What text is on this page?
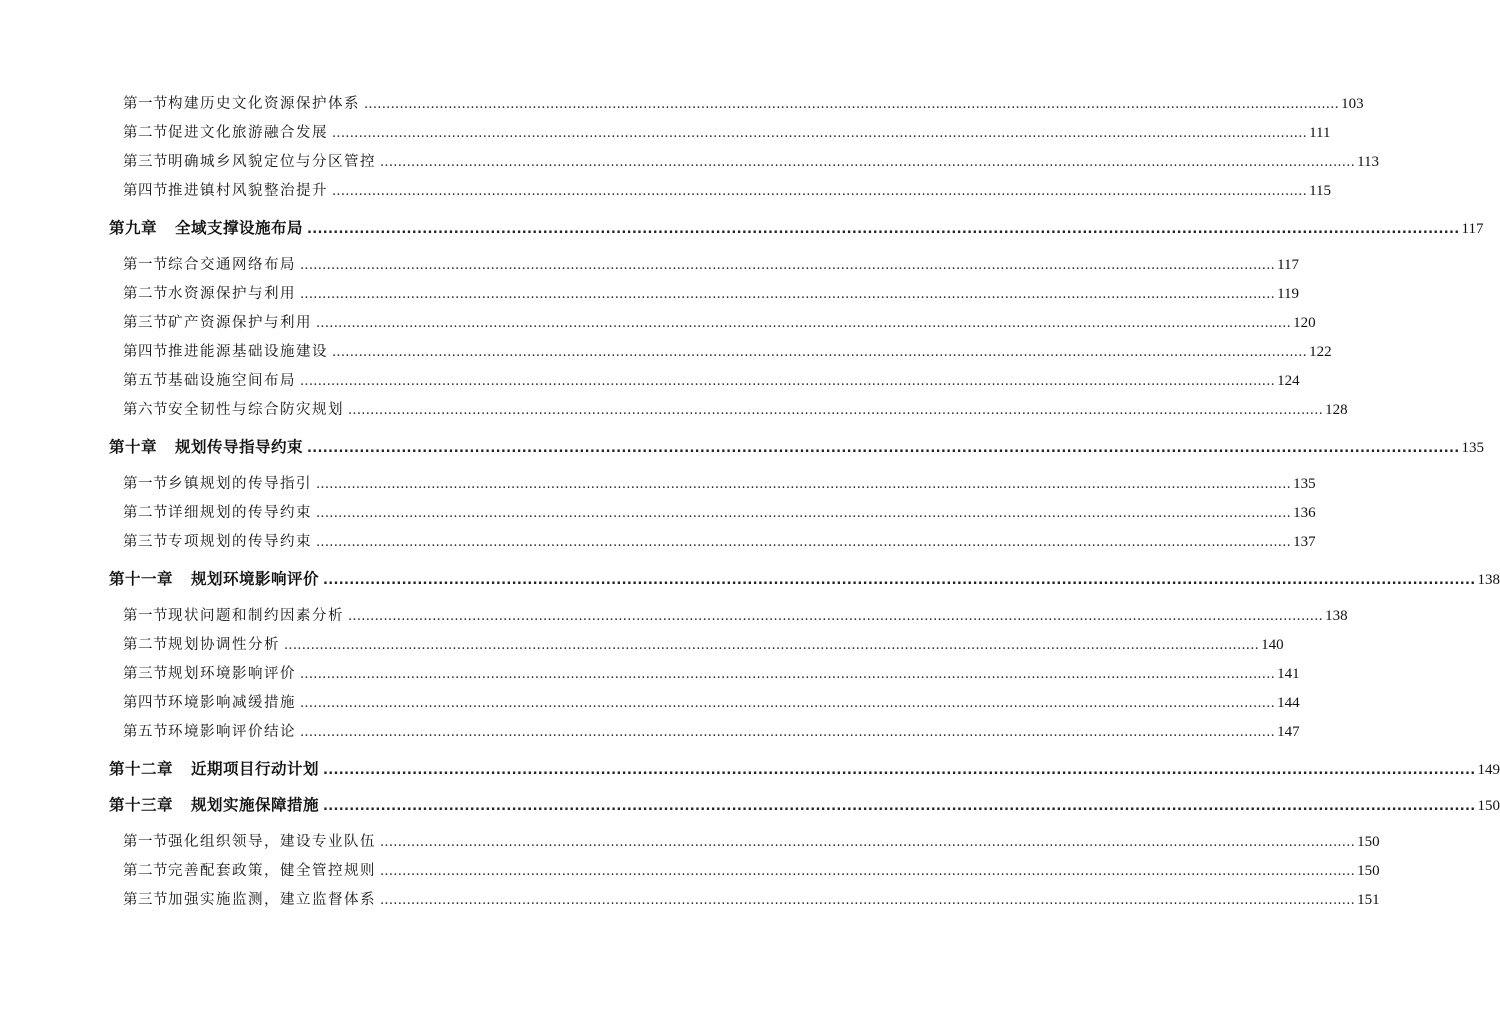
第一节 构建历史文化资源保护体系 ............................................................................................................................................................................................................................ 103
第二节 促进文化旅游融合发展 ............................................................................................................................................................................................................................ 111
第三节 明确城乡风貌定位与分区管控 ............................................................................................................................................................................................................................ 113
第四节 推进镇村风貌整治提升 ............................................................................................................................................................................................................................ 115
第九章 全域支撑设施布局 ............................................................................................................................................................................................................................ 117
第一节 综合交通网络布局 ............................................................................................................................................................................................................................ 117
第二节 水资源保护与利用 ............................................................................................................................................................................................................................ 119
第三节 矿产资源保护与利用 ............................................................................................................................................................................................................................ 120
第四节 推进能源基础设施建设 ............................................................................................................................................................................................................................ 122
第五节 基础设施空间布局 ............................................................................................................................................................................................................................ 124
第六节 安全韧性与综合防灾规划 ............................................................................................................................................................................................................................ 128
第十章 规划传导指导约束 ............................................................................................................................................................................................................................ 135
第一节 乡镇规划的传导指引 ............................................................................................................................................................................................................................ 135
第二节 详细规划的传导约束 ............................................................................................................................................................................................................................ 136
第三节 专项规划的传导约束 ............................................................................................................................................................................................................................ 137
第十一章 规划环境影响评价 ............................................................................................................................................................................................................................ 138
第一节 现状问题和制约因素分析 ............................................................................................................................................................................................................................ 138
第二节 规划协调性分析 ............................................................................................................................................................................................................................ 140
第三节 规划环境影响评价 ............................................................................................................................................................................................................................ 141
第四节 环境影响减缓措施 ............................................................................................................................................................................................................................ 144
第五节 环境影响评价结论 ............................................................................................................................................................................................................................ 147
第十二章 近期项目行动计划 ............................................................................................................................................................................................................................ 149
第十三章 规划实施保障措施 ............................................................................................................................................................................................................................ 150
第一节 强化组织领导，建设专业队伍 ............................................................................................................................................................................................................................ 150
第二节 完善配套政策，健全管控规则 ............................................................................................................................................................................................................................ 150
第三节 加强实施监测，建立监督体系 ............................................................................................................................................................................................................................ 151
